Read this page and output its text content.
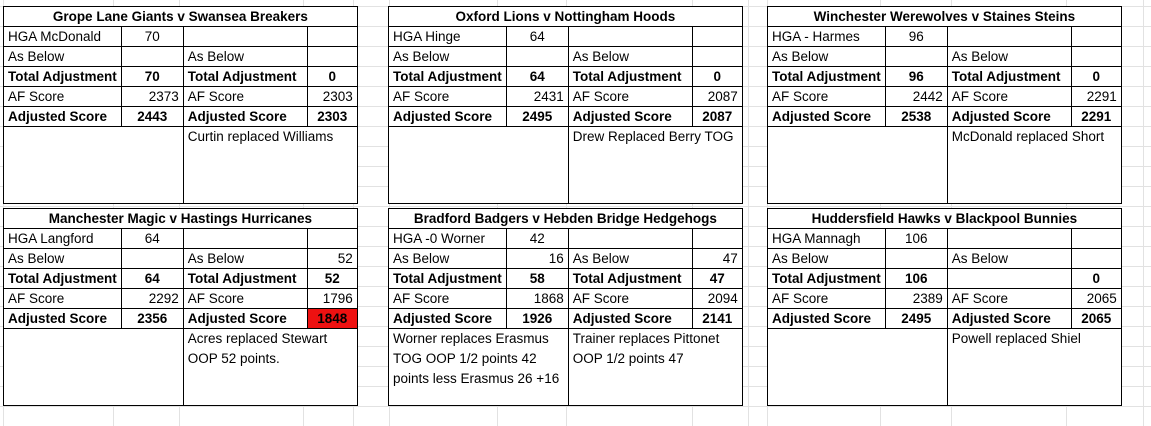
Grope Lane Giants v Swansea Breakers			
HGA McDonald	70		
As Below		As Below	
Total Adjustment	70	Total Adjustment	0
AF Score	2373	AF Score	2303
Adjusted Score	2443	Adjusted Score	2303
		Curtin replaced Williams	
Oxford Lions v Nottingham Hoods			
HGA Hinge	64		
As Below		As Below	
Total Adjustment	64	Total Adjustment	0
AF Score	2431	AF Score	2087
Adjusted Score	2495	Adjusted Score	2087
		Drew Replaced Berry TOG	
Winchester Werewolves v Staines Steins			
HGA - Harmes	96		
As Below		As Below	
Total Adjustment	96	Total Adjustment	0
AF Score	2442	AF Score	2291
Adjusted Score	2538	Adjusted Score	2291
		McDonald replaced Short	
Manchester Magic v Hastings Hurricanes			
HGA Langford	64		
As Below		As Below	52
Total Adjustment	64	Total Adjustment	52
AF Score	2292	AF Score	1796
Adjusted Score	2356	Adjusted Score	1848
		Acres replaced Stewart OOP 52 points.	
Bradford Badgers v Hebden Bridge Hedgehogs			
HGA -0 Worner	42		
As Below	16	As Below	47
Total Adjustment	58	Total Adjustment	47
AF Score	1868	AF Score	2094
Adjusted Score	1926	Adjusted Score	2141
Worner replaces Erasmus TOG OOP 1/2 points 42 points less Erasmus 26 +16		Trainer replaces Pittonet OOP 1/2 points 47	
Huddersfield Hawks v Blackpool Bunnies			
HGA Mannagh	106		
As Below		As Below	
Total Adjustment	106		0
AF Score	2389	AF Score	2065
Adjusted Score	2495	Adjusted Score	2065
		Powell replaced Shiel	
